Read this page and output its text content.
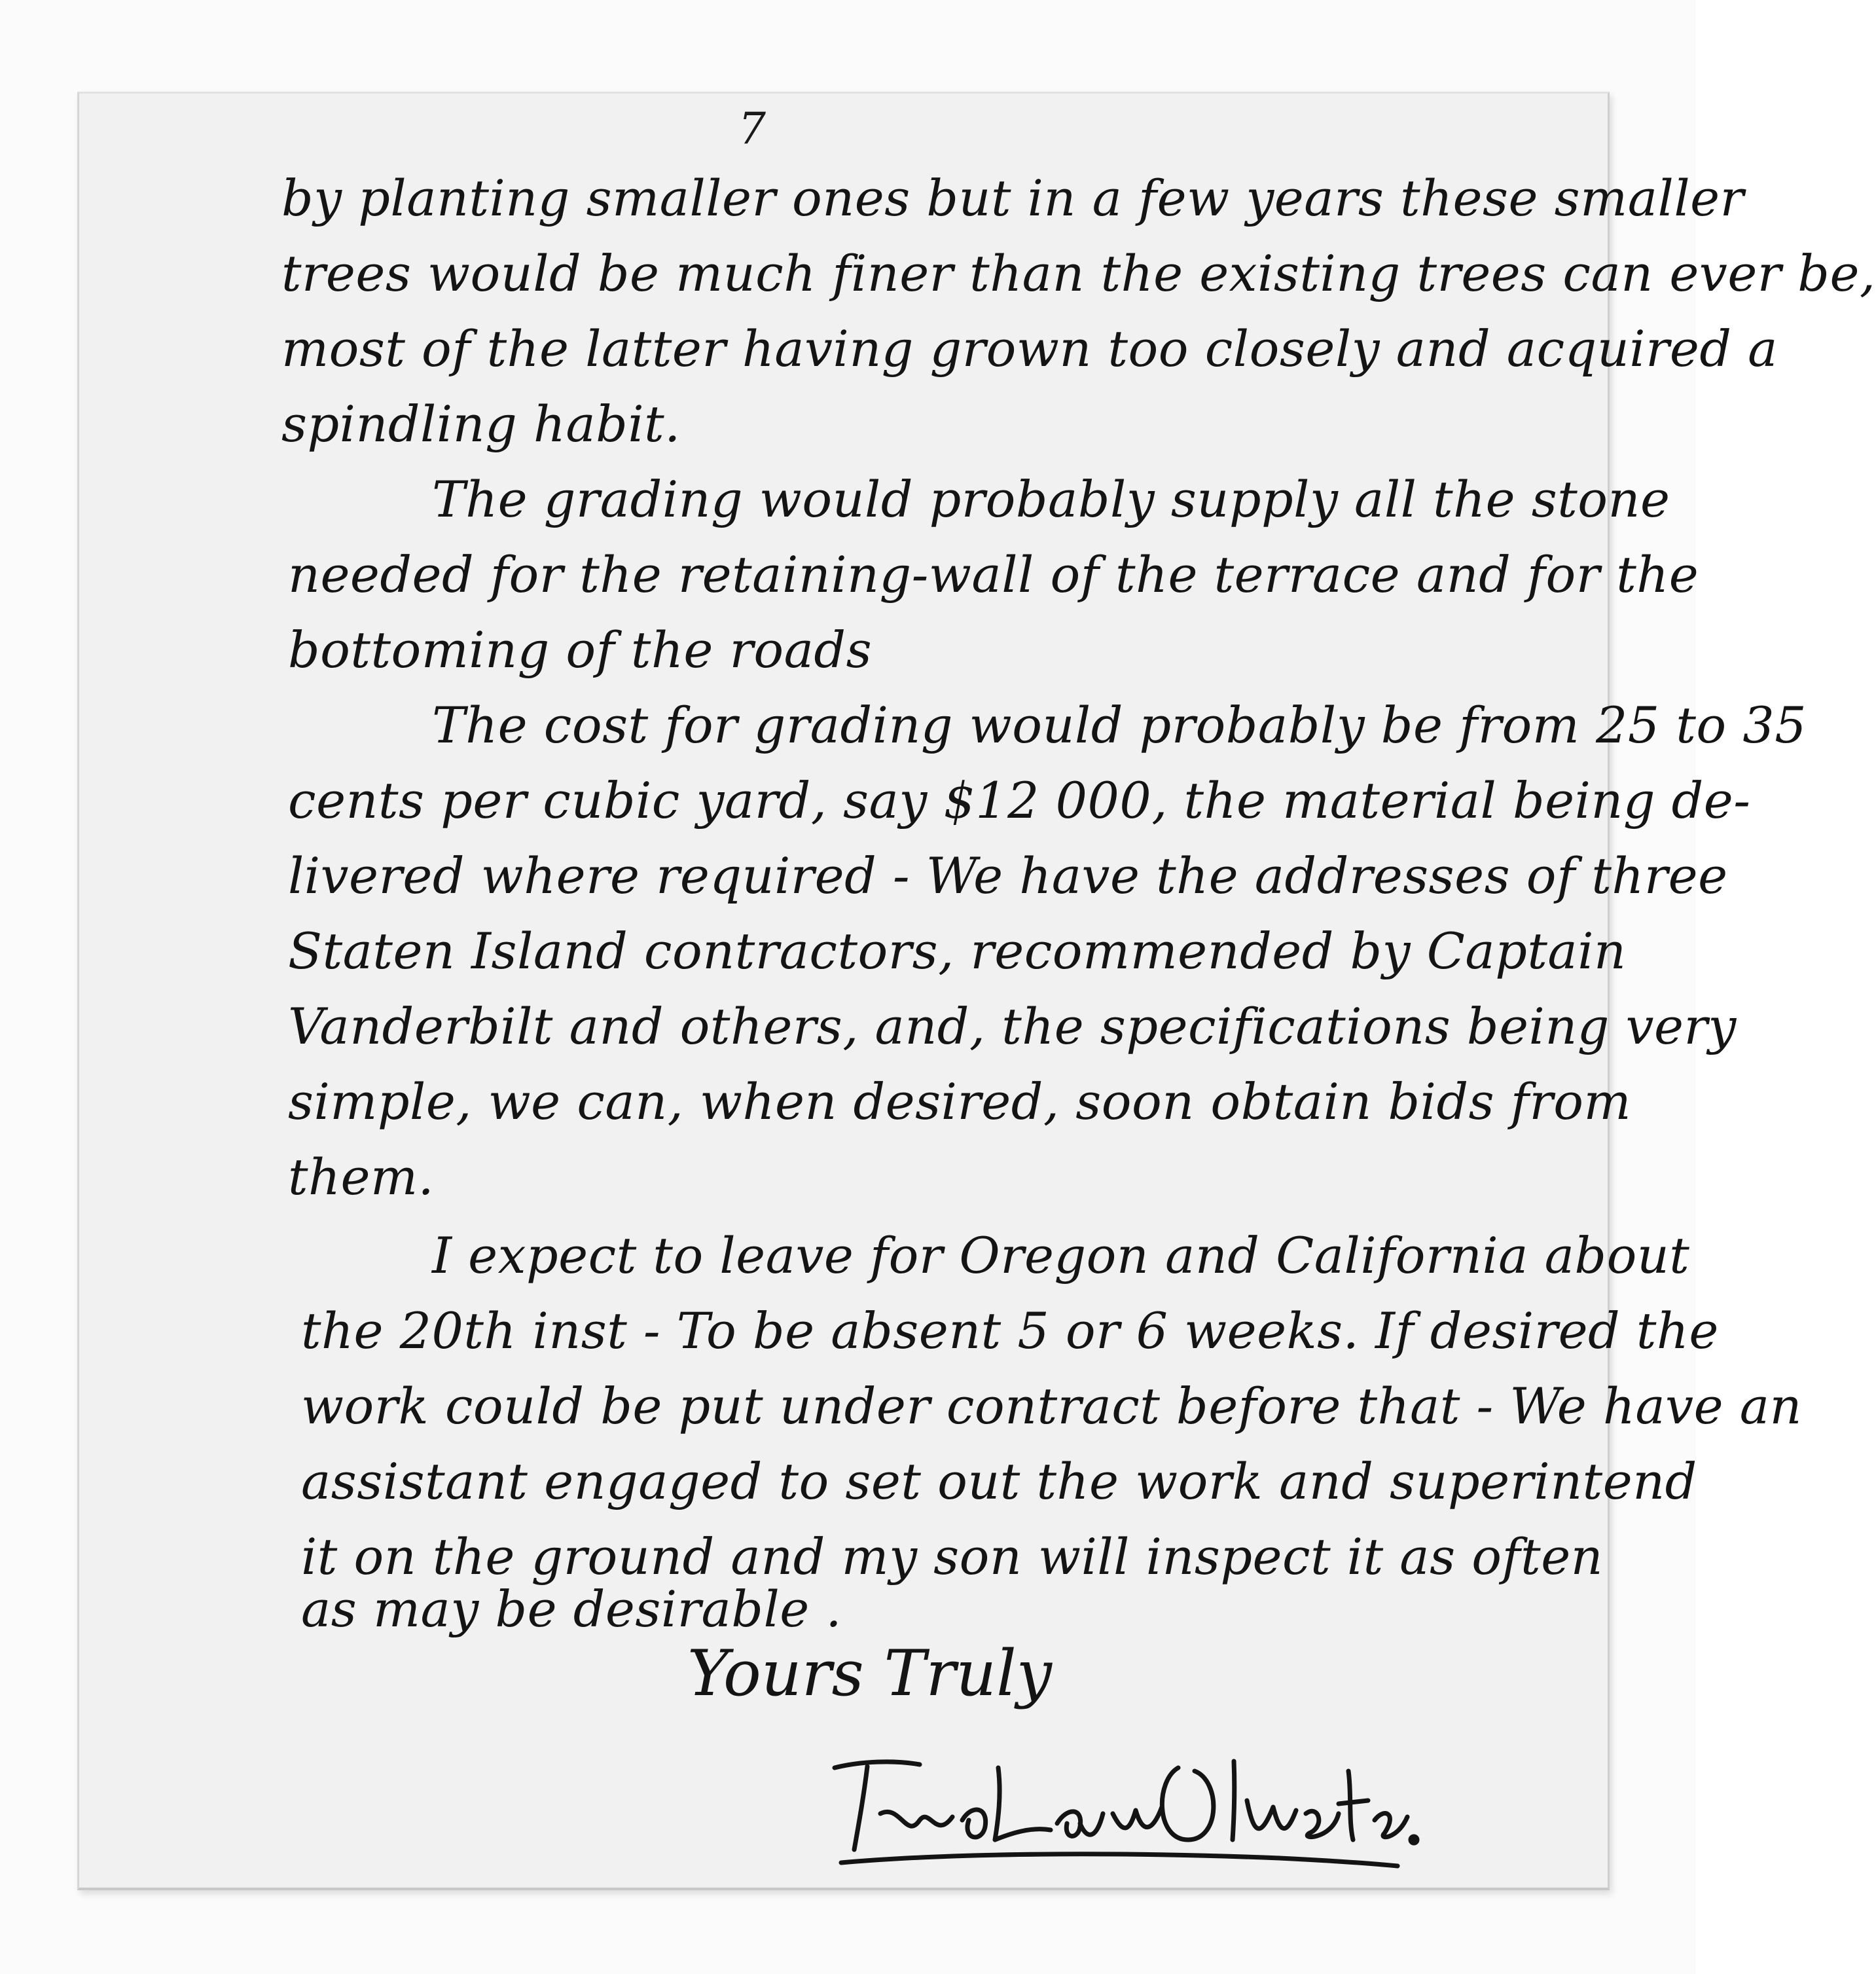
7
by planting smaller ones but in a few years these smaller
trees would be much finer than the existing trees can ever be,
most of the latter having grown too closely and acquired a
spindling habit.
The grading would probably supply all the stone
needed for the retaining-wall of the terrace and for the
bottoming of the roads
The cost for grading would probably be from 25 to 35
cents per cubic yard, say $12 000, the material being de-
livered where required - We have the addresses of three
Staten Island contractors, recommended by Captain
Vanderbilt and others, and, the specifications being very
simple, we can, when desired, soon obtain bids from
them.
I expect to leave for Oregon and California about
the 20th inst - To be absent 5 or 6 weeks. If desired the
work could be put under contract before that - We have an
assistant engaged to set out the work and superintend
it on the ground and my son will inspect it as often
as may be desirable .
Yours Truly
